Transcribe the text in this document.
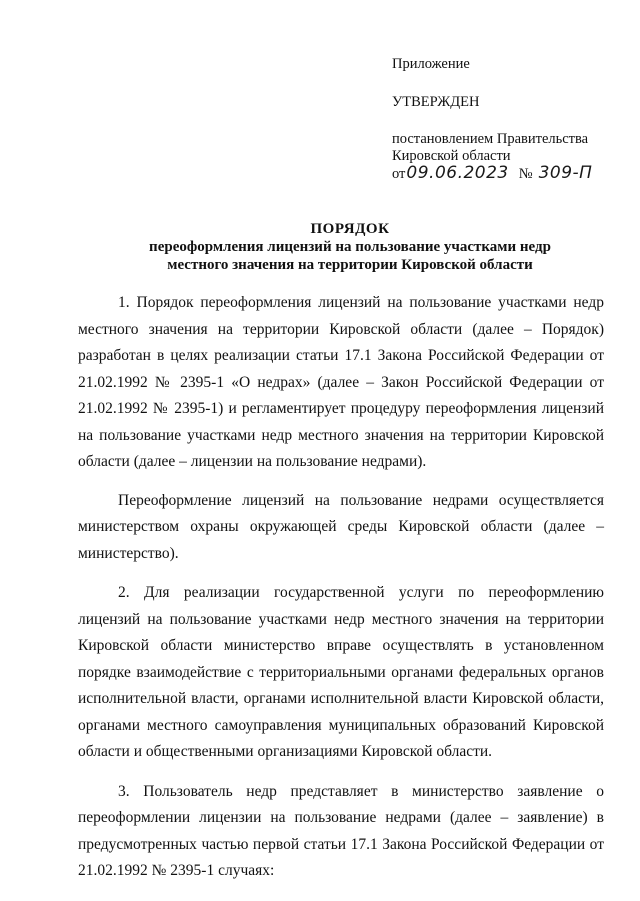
Приложение
УТВЕРЖДЕН
постановлением Правительства
Кировской области
от 09.06.2023 № 309-П
ПОРЯДОК
переоформления лицензий на пользование участками недр
местного значения на территории Кировской области

1. Порядок переоформления лицензий на пользование участками недр местного значения на территории Кировской области (далее – Порядок) разработан в целях реализации статьи 17.1 Закона Российской Федерации от 21.02.1992 № 2395-1 «О недрах» (далее – Закон Российской Федерации от 21.02.1992 № 2395-1) и регламентирует процедуру переоформления лицензий на пользование участками недр местного значения на территории Кировской области (далее – лицензии на пользование недрами).

Переоформление лицензий на пользование недрами осуществляется министерством охраны окружающей среды Кировской области (далее – министерство).

2. Для реализации государственной услуги по переоформлению лицензий на пользование участками недр местного значения на территории Кировской области министерство вправе осуществлять в установленном порядке взаимодействие с территориальными органами федеральных органов исполнительной власти, органами исполнительной власти Кировской области, органами местного самоуправления муниципальных образований Кировской области и общественными организациями Кировской области.

3. Пользователь недр представляет в министерство заявление о переоформлении лицензии на пользование недрами (далее – заявление) в предусмотренных частью первой статьи 17.1 Закона Российской Федерации от 21.02.1992 № 2395-1 случаях:
